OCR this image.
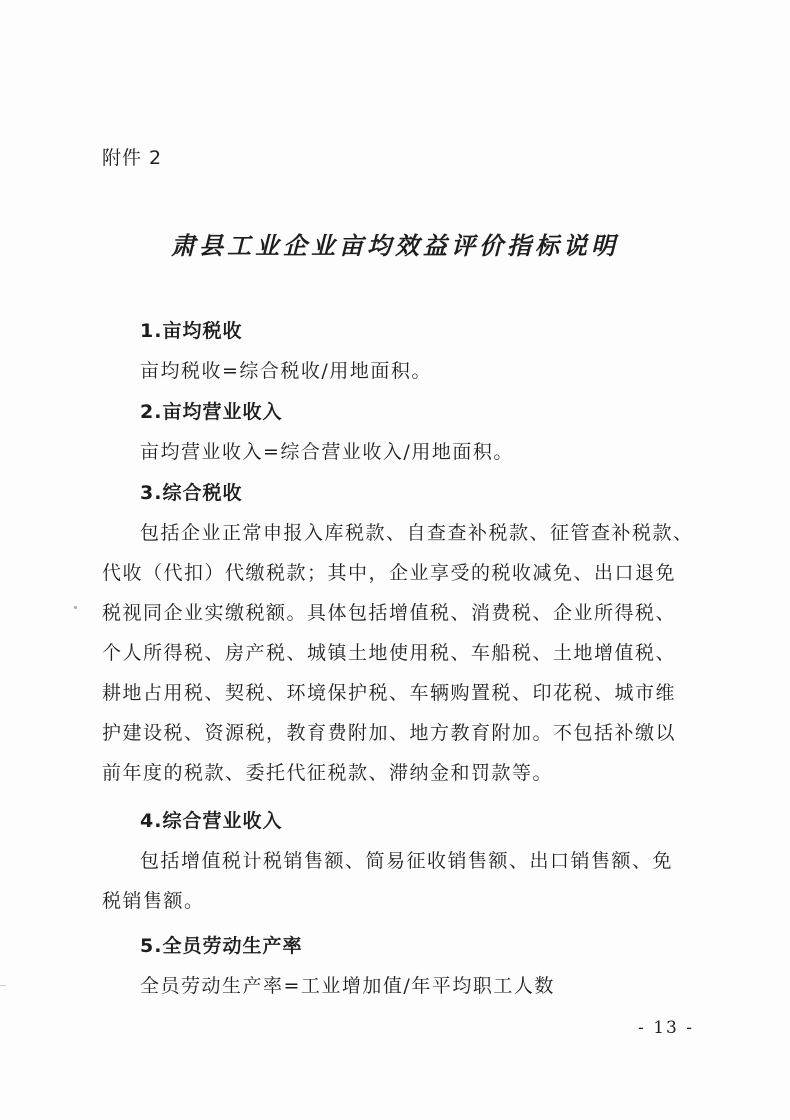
附件 2
肃县工业企业亩均效益评价指标说明
1.亩均税收
亩均税收=综合税收/用地面积。
2.亩均营业收入
亩均营业收入=综合营业收入/用地面积。
3.综合税收
包括企业正常申报入库税款、自查查补税款、征管查补税款、
代收（代扣）代缴税款；其中，企业享受的税收减免、出口退免
税视同企业实缴税额。具体包括增值税、消费税、企业所得税、
个人所得税、房产税、城镇土地使用税、车船税、土地增值税、
耕地占用税、契税、环境保护税、车辆购置税、印花税、城市维
护建设税、资源税，教育费附加、地方教育附加。不包括补缴以
前年度的税款、委托代征税款、滞纳金和罚款等。
4.综合营业收入
包括增值税计税销售额、简易征收销售额、出口销售额、免
税销售额。
5.全员劳动生产率
全员劳动生产率=工业增加值/年平均职工人数
- 13 -
